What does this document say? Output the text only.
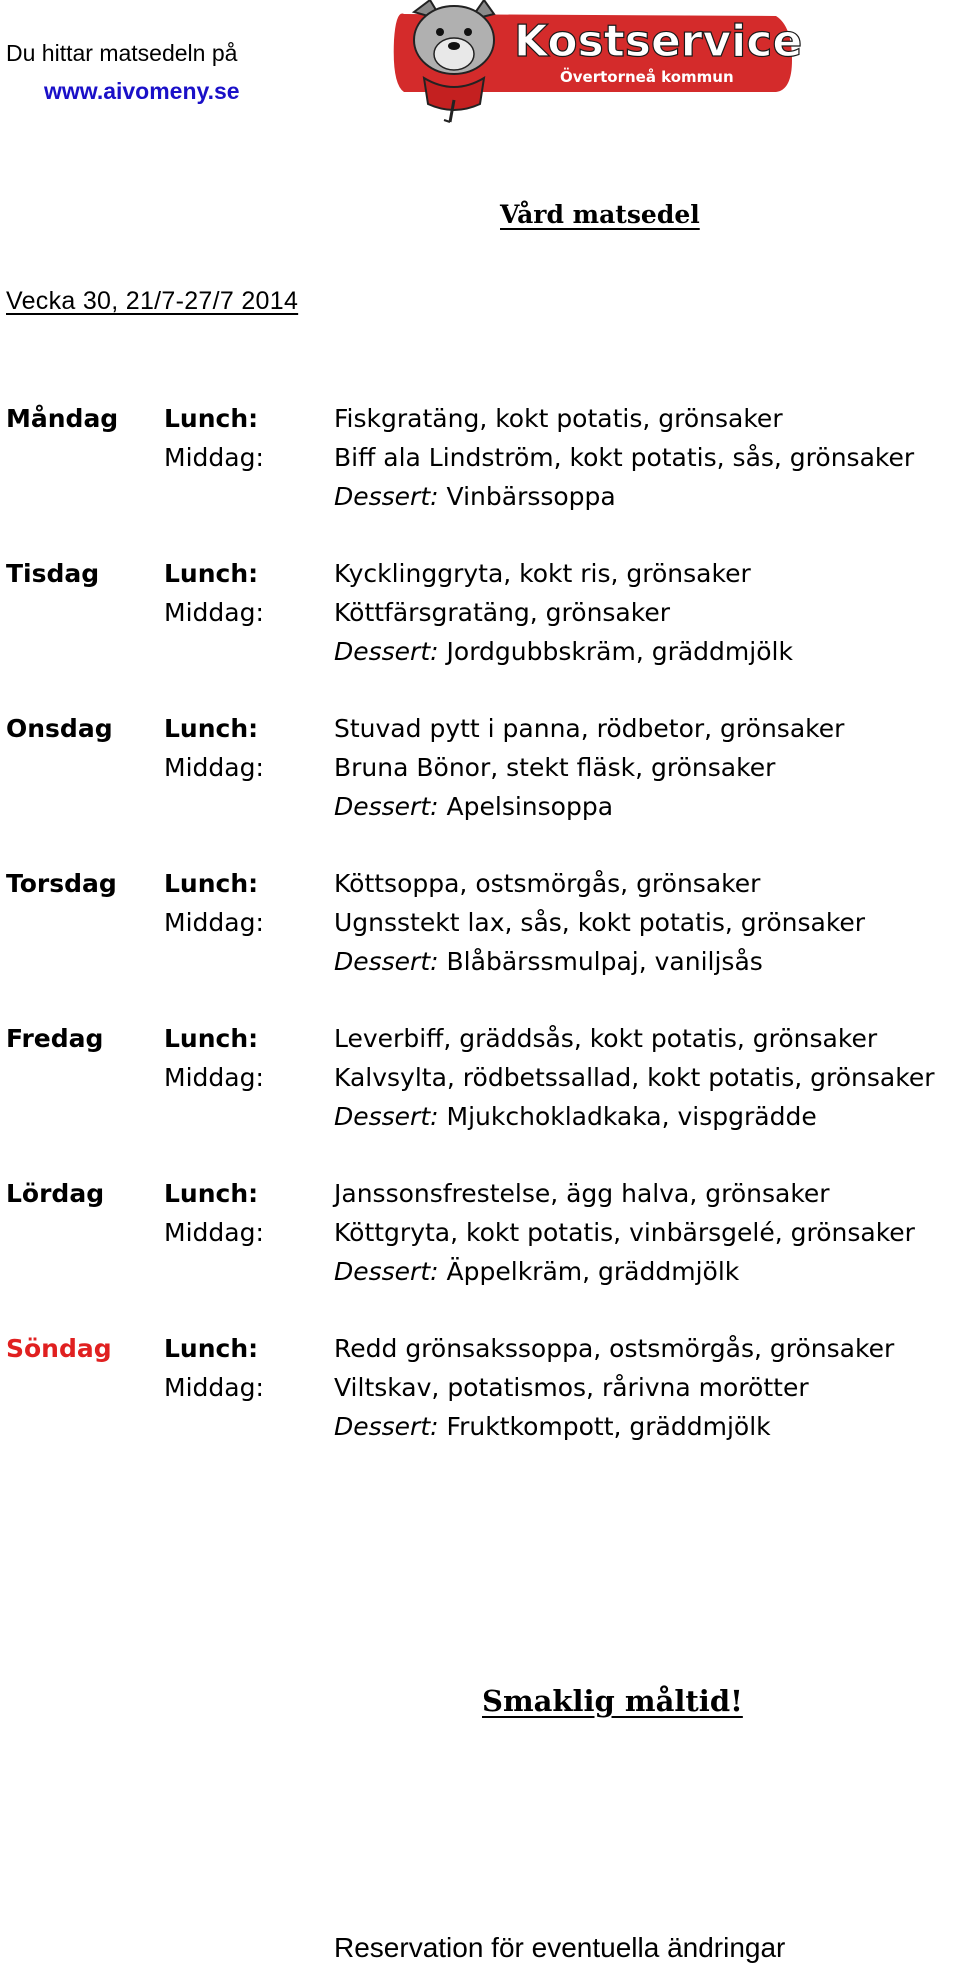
Du hittar matsedeln på
www.aivomeny.se
Kostservice
Övertorneå kommun
Vård matsedel
Vecka 30, 21/7-27/7 2014
Måndag Lunch:
Middag:
Fiskgratäng, kokt potatis, grönsaker
Biff ala Lindström, kokt potatis, sås, grönsaker
Dessert: Vinbärssoppa
Tisdag	Lunch:
Middag:
Kycklinggryta, kokt ris, grönsaker
Köttfärsgratäng, grönsaker
Dessert: Jordgubbskräm, gräddmjölk
Onsdag Lunch:
Middag:
Stuvad pytt i panna, rödbetor, grönsaker
Bruna Bönor, stekt fläsk, grönsaker
Dessert: Apelsinsoppa
Torsdag Lunch:
Middag:
Köttsoppa, ostsmörgås, grönsaker
Ugnsstekt lax, sås, kokt potatis, grönsaker
Dessert: Blåbärssmulpaj, vaniljsås
Fredag Lunch:
Middag:
Leverbiff, gräddsås, kokt potatis, grönsaker
Kalvsylta, rödbetssallad, kokt potatis, grönsaker
Dessert: Mjukchokladkaka, vispgrädde
Lördag Lunch:
Middag:
Janssonsfrestelse, ägg halva, grönsaker
Köttgryta, kokt potatis, vinbärsgelé, grönsaker
Dessert: Äppelkräm, gräddmjölk
Söndag Lunch:
Middag:
Redd grönsakssoppa, ostsmörgås, grönsaker
Viltskav, potatismos, rårivna morötter
Dessert: Fruktkompott, gräddmjölk
Smaklig måltid!
Reservation för eventuella ändringar
